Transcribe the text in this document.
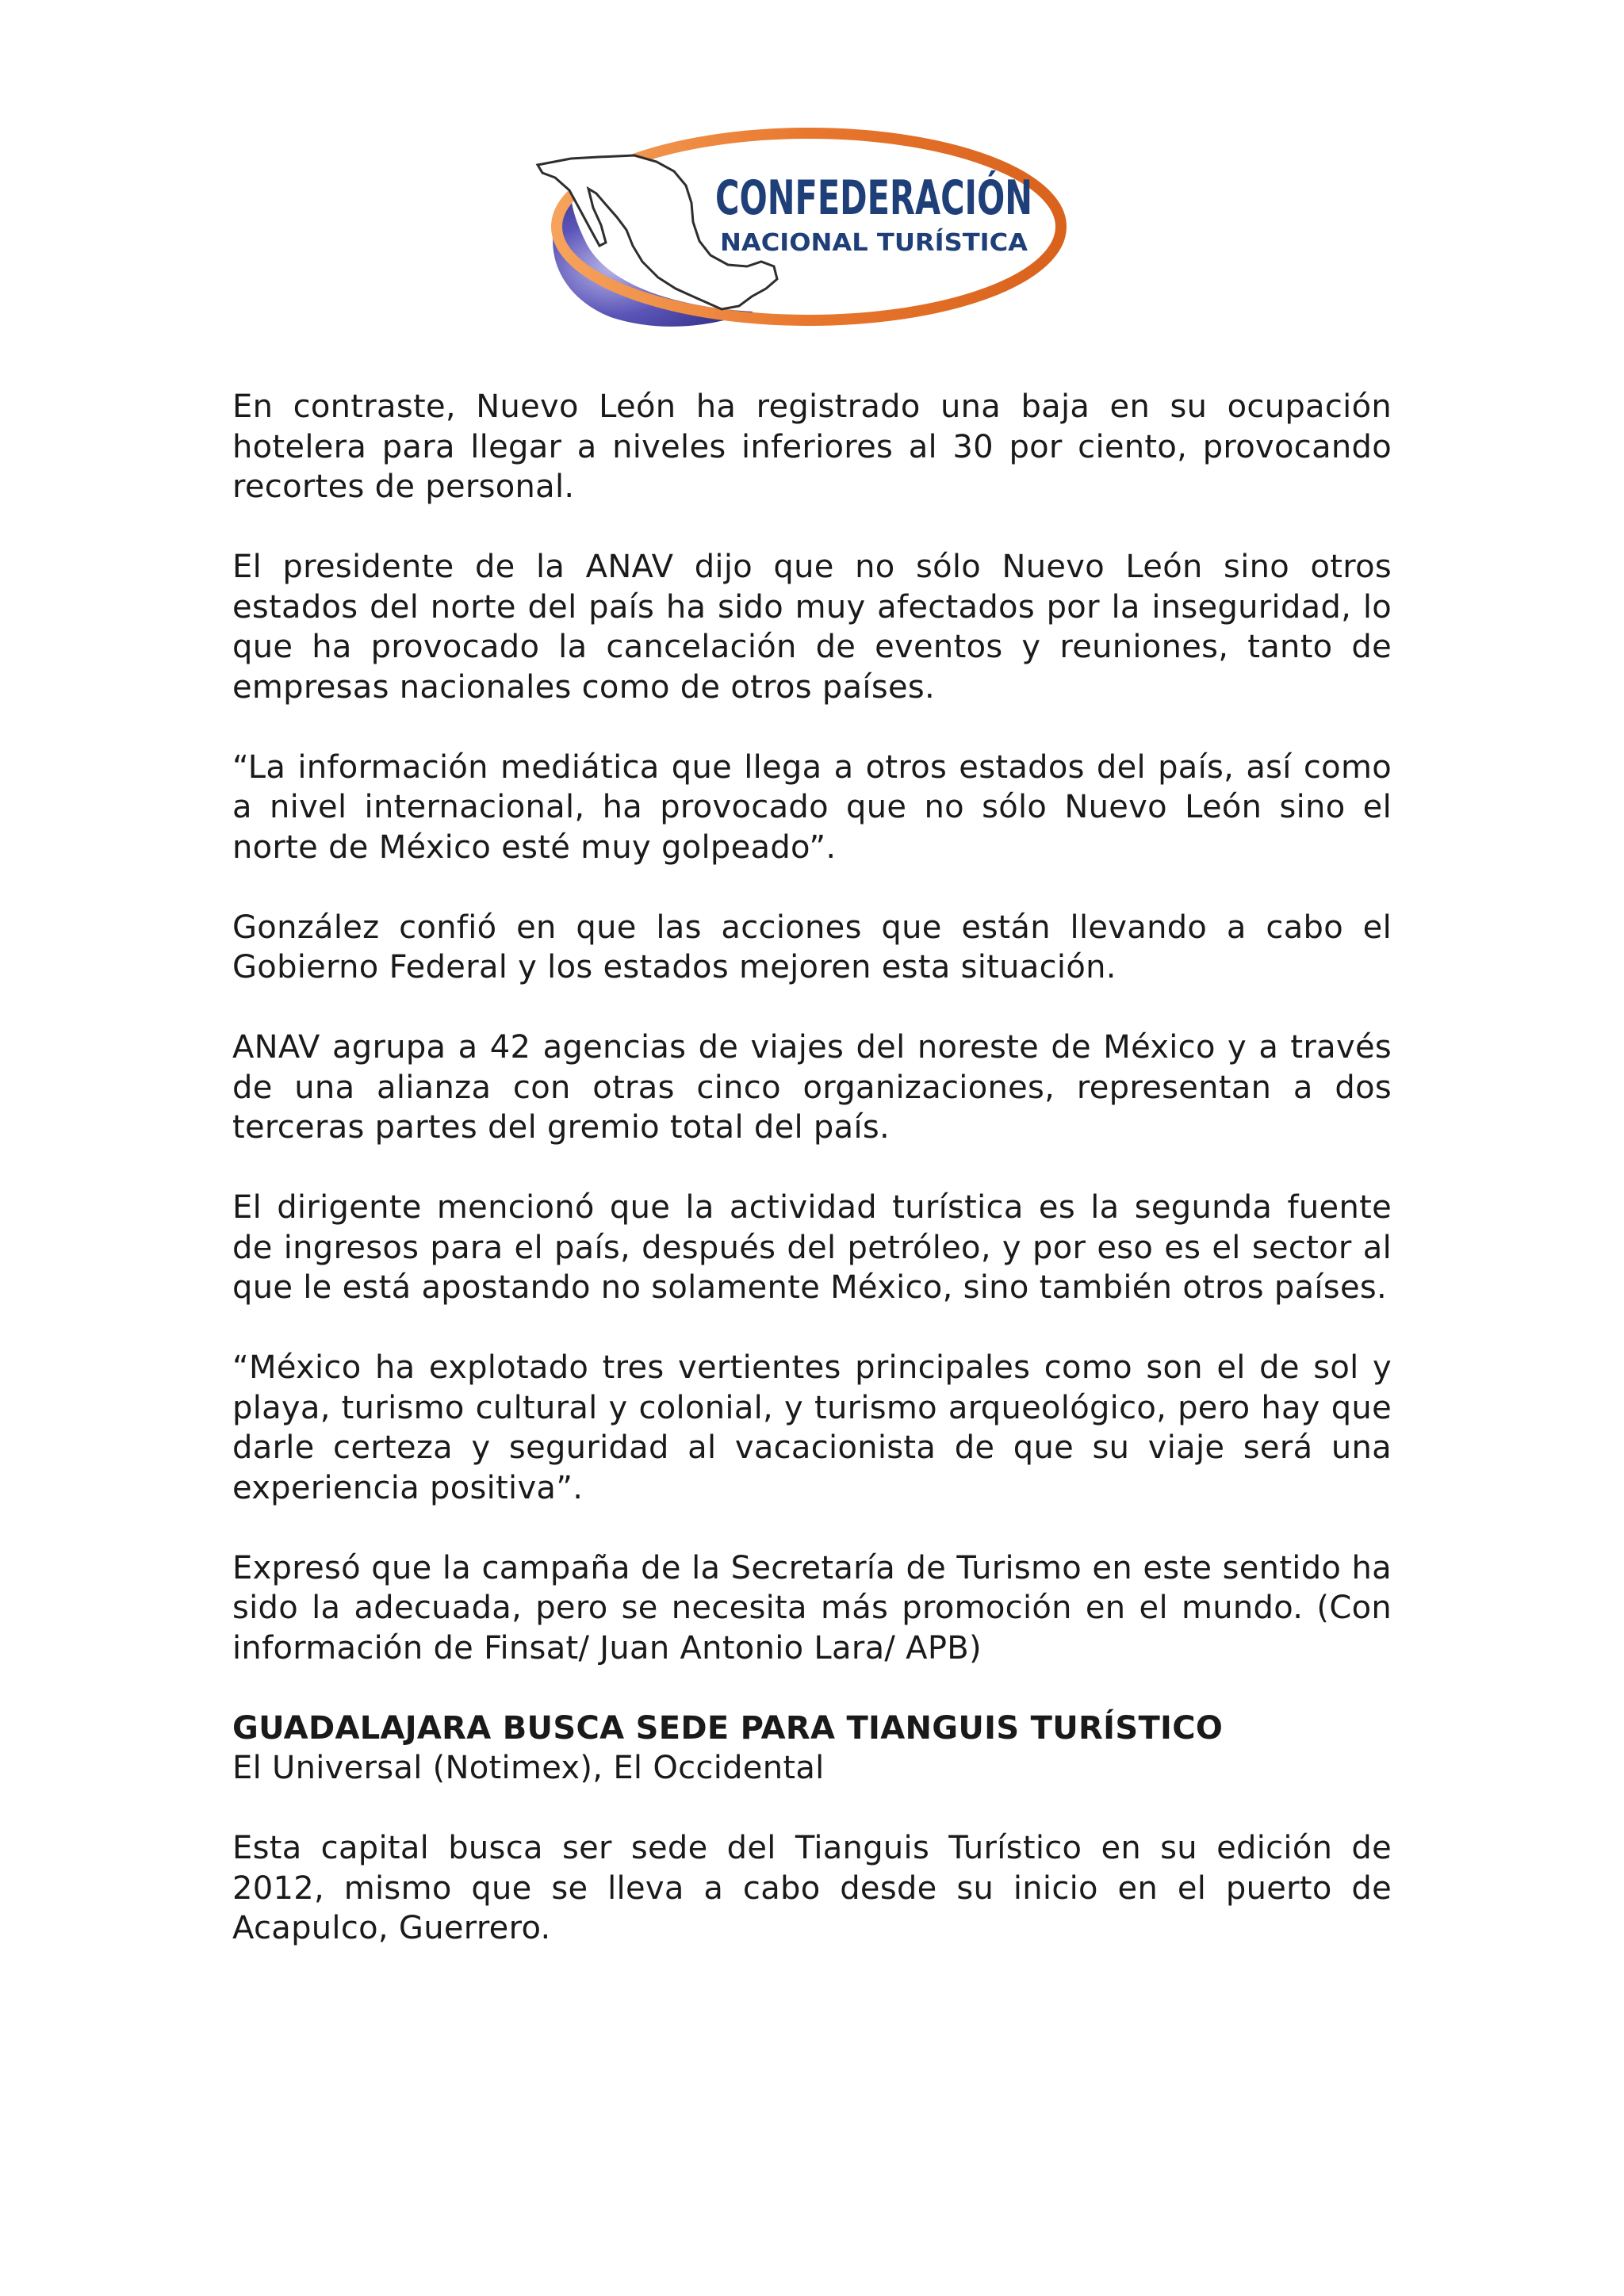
CONFEDERACIÓN
NACIONAL TURÍSTICA

En contraste, Nuevo León ha registrado una baja en su ocupación hotelera para llegar a niveles inferiores al 30 por ciento, provocando recortes de personal.

El presidente de la ANAV dijo que no sólo Nuevo León sino otros estados del norte del país ha sido muy afectados por la inseguridad, lo que ha provocado la cancelación de eventos y reuniones, tanto de empresas nacionales como de otros países.

“La información mediática que llega a otros estados del país, así como a nivel internacional, ha provocado que no sólo Nuevo León sino el norte de México esté muy golpeado”.

González confió en que las acciones que están llevando a cabo el Gobierno Federal y los estados mejoren esta situación.

ANAV agrupa a 42 agencias de viajes del noreste de México y a través de una alianza con otras cinco organizaciones, representan a dos terceras partes del gremio total del país.

El dirigente mencionó que la actividad turística es la segunda fuente de ingresos para el país, después del petróleo, y por eso es el sector al que le está apostando no solamente México, sino también otros países.

“México ha explotado tres vertientes principales como son el de sol y playa, turismo cultural y colonial, y turismo arqueológico, pero hay que darle certeza y seguridad al vacacionista de que su viaje será una experiencia positiva”.

Expresó que la campaña de la Secretaría de Turismo en este sentido ha sido la adecuada, pero se necesita más promoción en el mundo. (Con información de Finsat/ Juan Antonio Lara/ APB)

GUADALAJARA BUSCA SEDE PARA TIANGUIS TURÍSTICO

El Universal (Notimex), El Occidental

Esta capital busca ser sede del Tianguis Turístico en su edición de 2012, mismo que se lleva a cabo desde su inicio en el puerto de Acapulco, Guerrero.
